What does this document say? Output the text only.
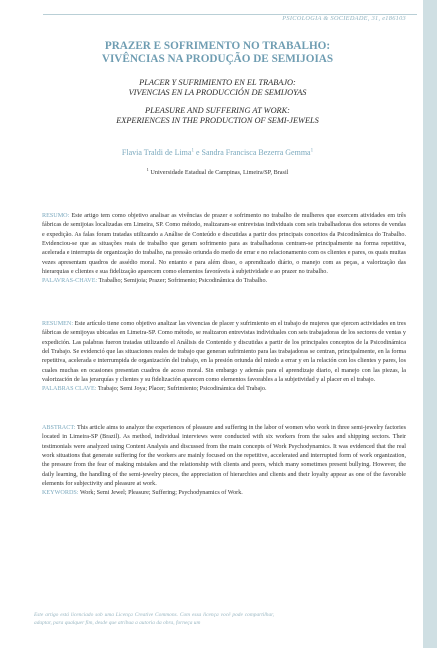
PSICOLOGIA & SOCIEDADE, 31, e186103
PRAZER E SOFRIMENTO NO TRABALHO:
VIVÊNCIAS NA PRODUÇÃO DE SEMIJOIAS
PLACER Y SUFRIMIENTO EN EL TRABAJO:
VIVENCIAS EN LA PRODUCCIÓN DE SEMIJOYAS
PLEASURE AND SUFFERING AT WORK:
EXPERIENCES IN THE PRODUCTION OF SEMI-JEWELS
Flavia Traldi de Lima$^1$ e Sandra Francisca Bezerra Gemma$^1$
$^1$ Universidade Estadual de Campinas, Limeira/SP, Brasil
RESUMO: Este artigo tem como objetivo analisar as vivências de prazer e sofrimento no trabalho de mulheres que exercem atividades em três fábricas de semijoias localizadas em Limeira, SP. Como método, realizaram-se entrevistas individuais com seis trabalhadoras dos setores de vendas e expedição. As falas foram tratadas utilizando a Análise de Conteúdo e discutidas a partir dos principais conceitos da Psicodinâmica do Trabalho. Evidenciou-se que as situações reais de trabalho que geram sofrimento para as trabalhadoras centram-se principalmente na forma repetitiva, acelerada e interrupta de organização do trabalho, na pressão oriunda do medo de errar e no relacionamento com os clientes e pares, os quais muitas vezes apresentam quadros de assédio moral. No entanto e para além disso, o aprendizado diário, o manejo com as peças, a valorização das hierarquias e clientes e sua fidelização aparecem como elementos favoráveis à subjetividade e ao prazer no trabalho.
PALAVRAS-CHAVE: Trabalho; Semijoia; Prazer; Sofrimento; Psicodinâmica do Trabalho.
RESUMEN: Este artículo tiene como objetivo analizar las vivencias de placer y sufrimiento en el trabajo de mujeres que ejercen actividades en tres fábricas de semijoyas ubicadas en Limeira-SP. Como método, se realizaron entrevistas individuales con seis trabajadoras de los sectores de ventas y expedición. Las palabras fueron tratadas utilizando el Análisis de Contenido y discutidas a partir de los principales conceptos de la Psicodinámica del Trabajo. Se evidenció que las situaciones reales de trabajo que generan sufrimiento para las trabajadoras se centran, principalmente, en la forma repetitiva, acelerada e interrumpida de organización del trabajo, en la presión oriunda del miedo a errar y en la relación con los clientes y pares, los cuales muchas en ocasiones presentan cuadros de acoso moral. Sin embargo y además para el aprendizaje diario, el manejo con las piezas, la valorización de las jerarquías y clientes y su fidelización aparecen como elementos favorables a la subjetividad y al placer en el trabajo.
PALABRAS CLAVE: Trabajo; Semi Joya; Placer; Sufrimiento; Psicodinámica del Trabajo.
ABSTRACT: This article aims to analyze the experiences of pleasure and suffering in the labor of women who work in three semi-jewelry factories located in Limeira-SP (Brazil). As method, individual interviews were conducted with six workers from the sales and shipping sectors. Their testimonials were analyzed using Content Analysis and discussed from the main concepts of Work Psychodynamics. It was evidenced that the real work situations that generate suffering for the workers are mainly focused on the repetitive, accelerated and interrupted form of work organization, the pressure from the fear of making mistakes and the relationship with clients and peers, which many sometimes present bullying. However, the daily learning, the handling of the semi-jewelry pieces, the appreciation of hierarchies and clients and their loyalty appear as one of the favorable elements for subjectivity and pleasure at work.
KEYWORDS: Work; Semi Jewel; Pleasure; Suffering; Psychodynamics of Work.
Este artigo está licenciado sob uma Licença Creative Commons. Com essa licença você pode compartilhar, adaptar, para qualquer fim, desde que atribua a autoria da obra, forneça um
